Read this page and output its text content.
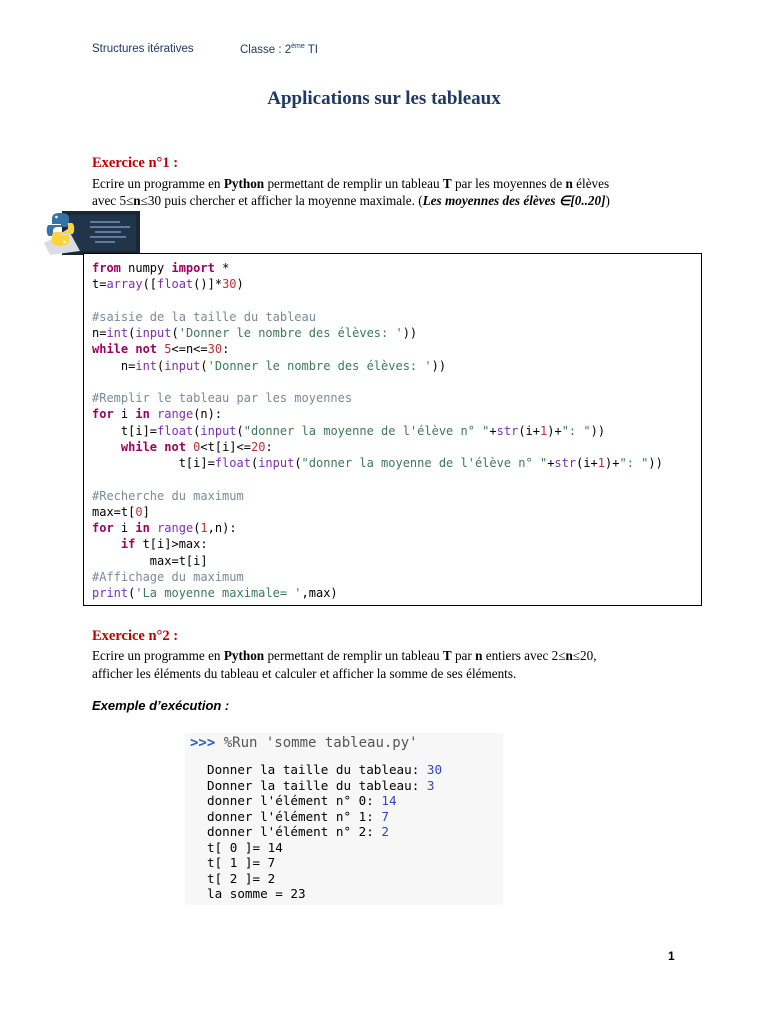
Structures itératives	Classe : 2ème TI
Applications sur les tableaux
Exercice n°1 :
Ecrire un programme en Python permettant de remplir un tableau T par les moyennes de n élèves
avec 5≤n≤30 puis chercher et afficher la moyenne maximale. (Les moyennes des élèves ∈[0..20])
from numpy import *
t=array([float()]*30)

#saisie de la taille du tableau
n=int(input('Donner le nombre des élèves: '))
while not 5<=n<=30:
n=int(input('Donner le nombre des élèves: '))

#Remplir le tableau par les moyennes
for i in range(n):
t[i]=float(input("donner la moyenne de l'élève n° "+str(i+1)+": "))
while not 0<t[i]<=20:
t[i]=float(input("donner la moyenne de l'élève n° "+str(i+1)+": "))

#Recherche du maximum
max=t[0]
for i in range(1,n):
if t[i]>max:
max=t[i]
#Affichage du maximum
print('La moyenne maximale= ',max)
Exercice n°2 :
Ecrire un programme en Python permettant de remplir un tableau T par n entiers avec 2≤n≤20,
afficher les éléments du tableau et calculer et afficher la somme de ses éléments.
Exemple d’exécution :
>>> %Run 'somme tableau.py'
Donner la taille du tableau: 30
Donner la taille du tableau: 3
donner l'élément n° 0: 14
donner l'élément n° 1: 7
donner l'élément n° 2: 2
t[ 0 ]= 14
t[ 1 ]= 7
t[ 2 ]= 2
la somme = 23
1
